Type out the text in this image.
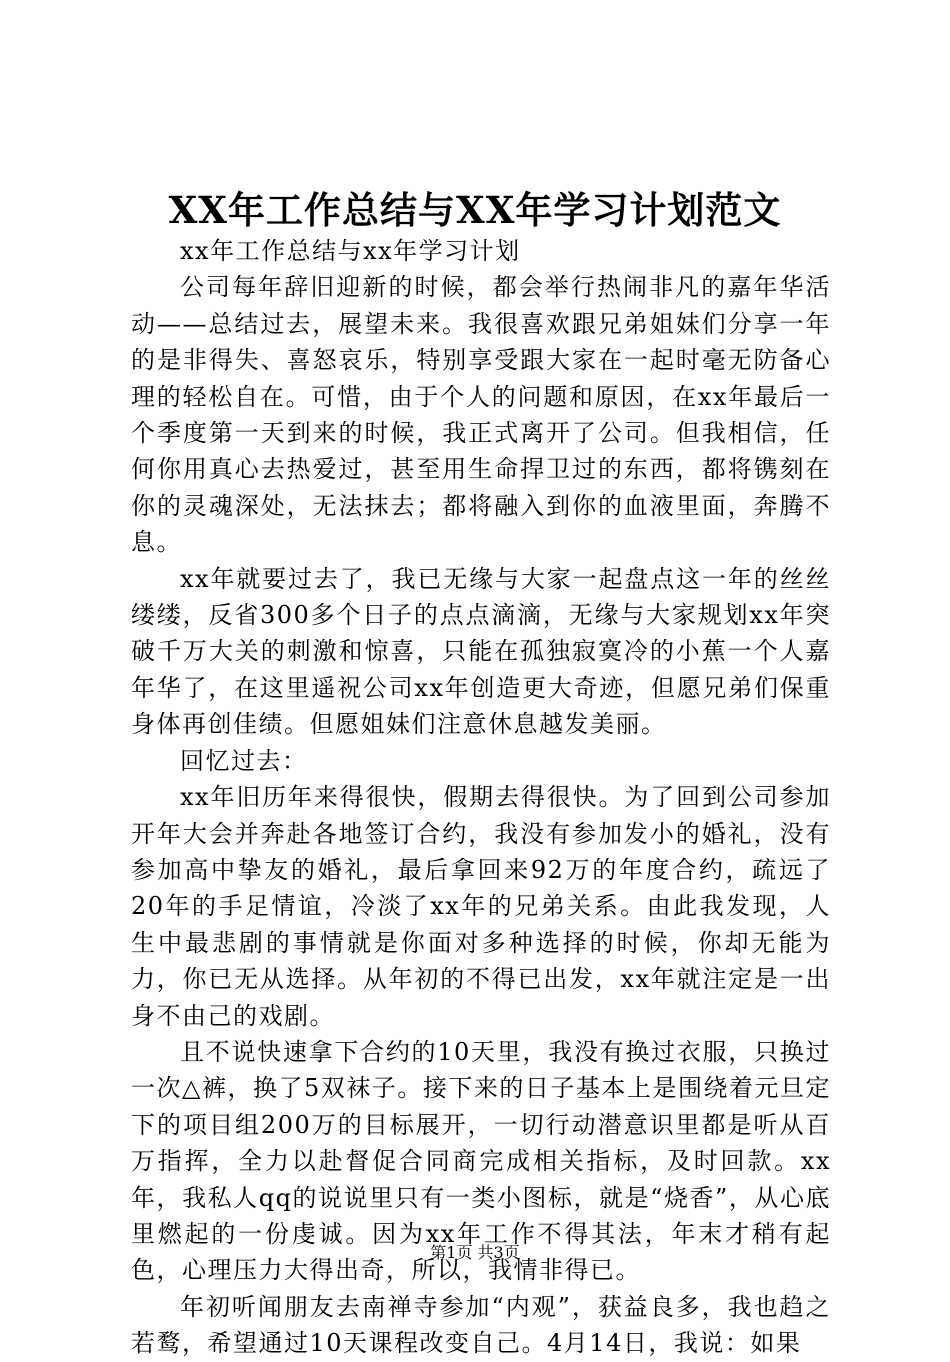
XX年工作总结与XX年学习计划范文

xx年工作总结与xx年学习计划

公司每年辞旧迎新的时候，都会举行热闹非凡的嘉年华活动——总结过去，展望未来。我很喜欢跟兄弟姐妹们分享一年的是非得失、喜怒哀乐，特别享受跟大家在一起时毫无防备心理的轻松自在。可惜，由于个人的问题和原因，在xx年最后一个季度第一天到来的时候，我正式离开了公司。但我相信，任何你用真心去热爱过，甚至用生命捍卫过的东西，都将镌刻在你的灵魂深处，无法抹去；都将融入到你的血液里面，奔腾不息。

xx年就要过去了，我已无缘与大家一起盘点这一年的丝丝缕缕，反省300多个日子的点点滴滴，无缘与大家规划xx年突破千万大关的刺激和惊喜，只能在孤独寂寞冷的小蕉一个人嘉年华了，在这里遥祝公司xx年创造更大奇迹，但愿兄弟们保重身体再创佳绩。但愿姐妹们注意休息越发美丽。

回忆过去：

xx年旧历年来得很快，假期去得很快。为了回到公司参加开年大会并奔赴各地签订合约，我没有参加发小的婚礼，没有参加高中挚友的婚礼，最后拿回来92万的年度合约，疏远了20年的手足情谊，冷淡了xx年的兄弟关系。由此我发现，人生中最悲剧的事情就是你面对多种选择的时候，你却无能为力，你已无从选择。从年初的不得已出发，xx年就注定是一出身不由己的戏剧。

且不说快速拿下合约的10天里，我没有换过衣服，只换过一次△裤，换了5双袜子。接下来的日子基本上是围绕着元旦定下的项目组200万的目标展开，一切行动潜意识里都是听从百万指挥，全力以赴督促合同商完成相关指标，及时回款。xx年，我私人qq的说说里只有一类小图标，就是“烧香”，从心底里燃起的一份虔诚。因为xx年工作不得其法，年末才稍有起色，心理压力大得出奇，所以，我情非得已。

年初听闻朋友去南禅寺参加“内观”，获益良多，我也趋之若鹜，希望通过10天课程改变自己。4月14日，我说：如果

第1页 共3页
